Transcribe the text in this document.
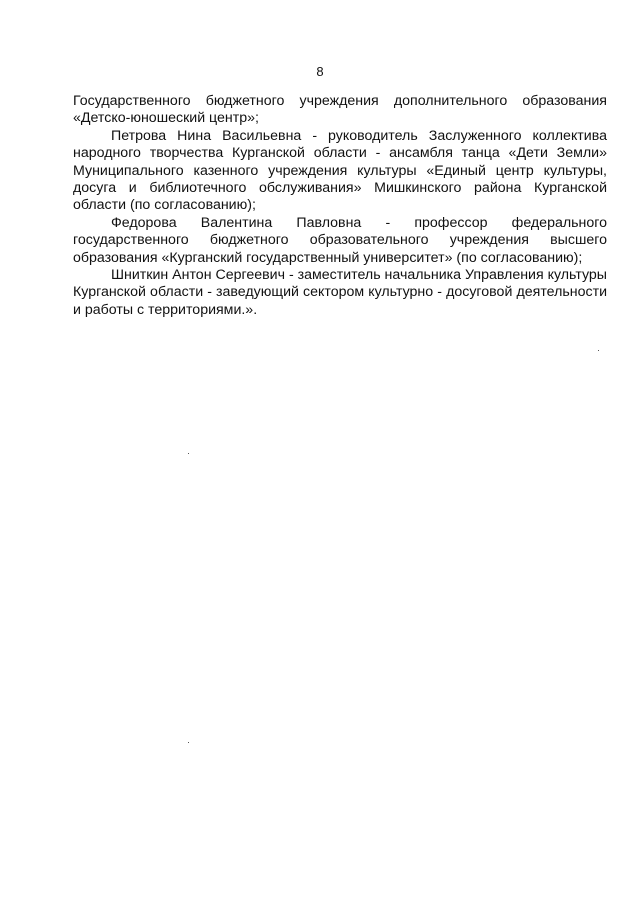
8

Государственного бюджетного учреждения дополнительного образования «Детско-юношеский центр»;

Петрова Нина Васильевна - руководитель Заслуженного коллектива народного творчества Курганской области - ансамбля танца «Дети Земли» Муниципального казенного учреждения культуры «Единый центр культуры, досуга и библиотечного обслуживания» Мишкинского района Курганской области (по согласованию);

Федорова Валентина Павловна - профессор федерального государственного бюджетного образовательного учреждения высшего образования «Курганский государственный университет» (по согласованию);

Шниткин Антон Сергеевич - заместитель начальника Управления культуры Курганской области - заведующий сектором культурно - досуговой деятельности и работы с территориями.».
